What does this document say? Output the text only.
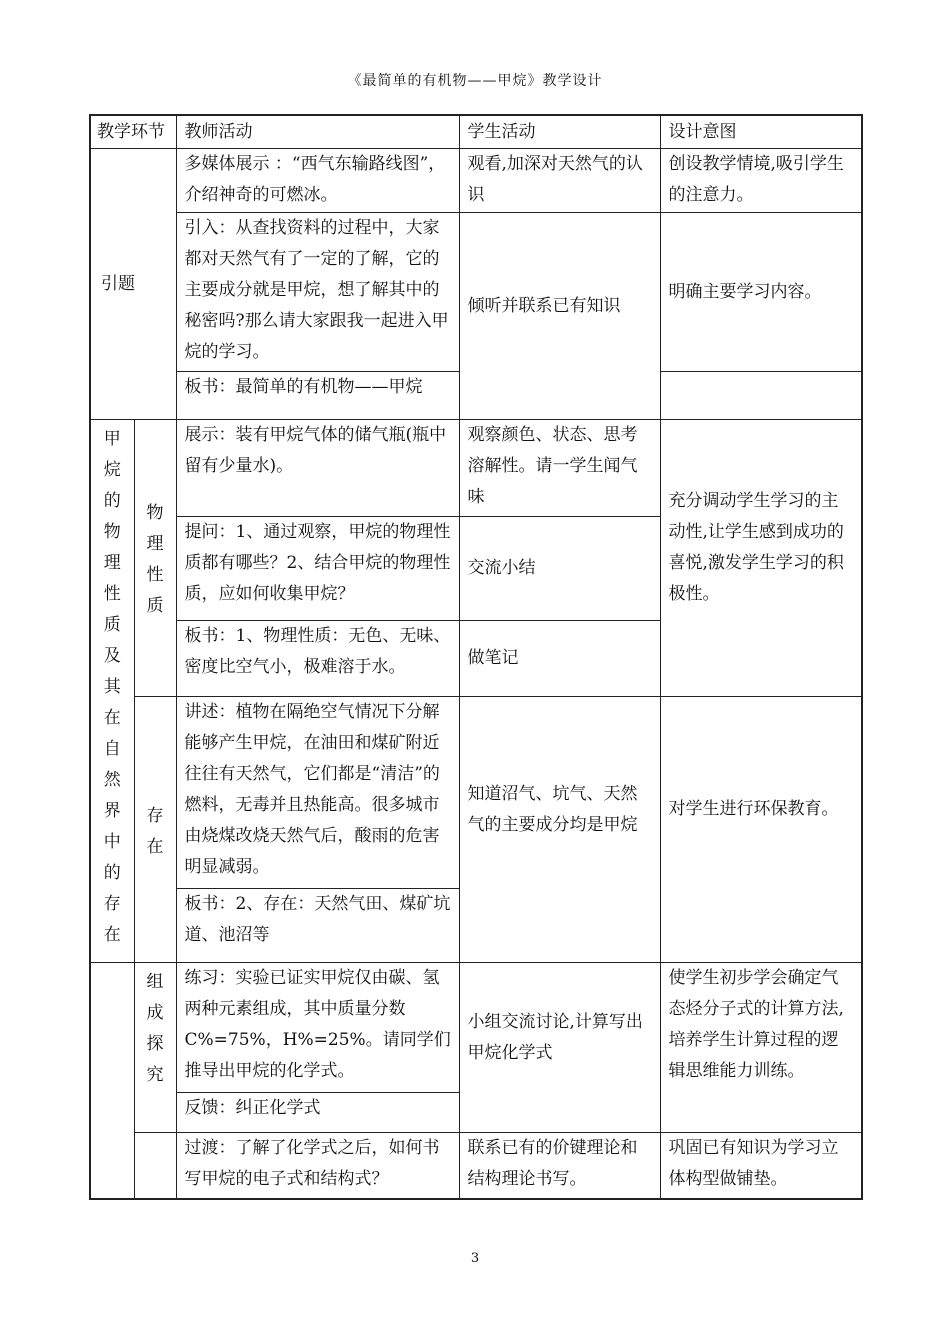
《最简单的有机物——甲烷》教学设计
教学环节		教师活动	学生活动	设计意图
引题		多媒体展示 ：“西气东输路线图”，介绍神奇的可燃冰。	观看,加深对天然气的认识	创设教学情境,吸引学生的注意力。
		引入：从查找资料的过程中，大家都对天然气有了一定的了解，它的主要成分就是甲烷，想了解其中的秘密吗?那么请大家跟我一起进入甲烷的学习。	倾听并联系已有知识	明确主要学习内容。
		板书：最简单的有机物——甲烷		

甲烷的物理性质及其在自然界中的存在	物理性质	展示：装有甲烷气体的储气瓶(瓶中留有少量水)。	观察颜色、状态、思考溶解性。请一学生闻气味	充分调动学生学习的主动性,让学生感到成功的喜悦,激发学生学习的积极性。
		提问：1、通过观察，甲烷的物理性质都有哪些？2、结合甲烷的物理性质，应如何收集甲烷？	交流小结	
		板书：1、物理性质：无色、无味、密度比空气小，极难溶于水。	做笔记	

	存在	讲述：植物在隔绝空气情况下分解能够产生甲烷，在油田和煤矿附近往往有天然气，它们都是“清洁”的燃料，无毒并且热能高。很多城市由烧煤改烧天然气后，酸雨的危害明显减弱。	知道沼气、坑气、天然气的主要成分均是甲烷	对学生进行环保教育。
		板书：2、存在：天然气田、煤矿坑道、池沼等		

	组成探究	练习：实验已证实甲烷仅由碳、氢两种元素组成，其中质量分数C%=75%，H%=25%。请同学们推导出甲烷的化学式。	小组交流讨论,计算写出甲烷化学式	使学生初步学会确定气态烃分子式的计算方法,培养学生计算过程的逻辑思维能力训练。
		反馈：纠正化学式		
		过渡：了解了化学式之后，如何书写甲烷的电子式和结构式？	联系已有的价键理论和结构理论书写。	巩固已有知识为学习立体构型做铺垫。
3
